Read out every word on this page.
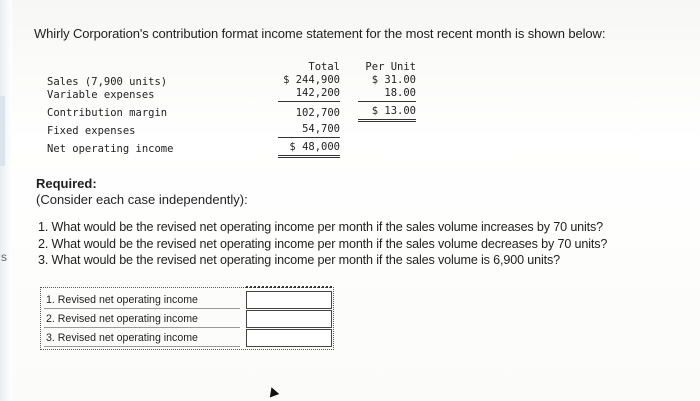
s
Whirly Corporation's contribution format income statement for the most recent month is shown below:
Sales (7,900 units)
Variable expenses
Contribution margin
Fixed expenses
Net operating income
Total
$ 244,900
142,200
102,700
54,700
$ 48,000
Per Unit
$ 31.00
18.00
$ 13.00
Required:
(Consider each case independently):
1. What would be the revised net operating income per month if the sales volume increases by 70 units?
2. What would be the revised net operating income per month if the sales volume decreases by 70 units?
3. What would be the revised net operating income per month if the sales volume is 6,900 units?
1. Revised net operating income
2. Revised net operating income
3. Revised net operating income
